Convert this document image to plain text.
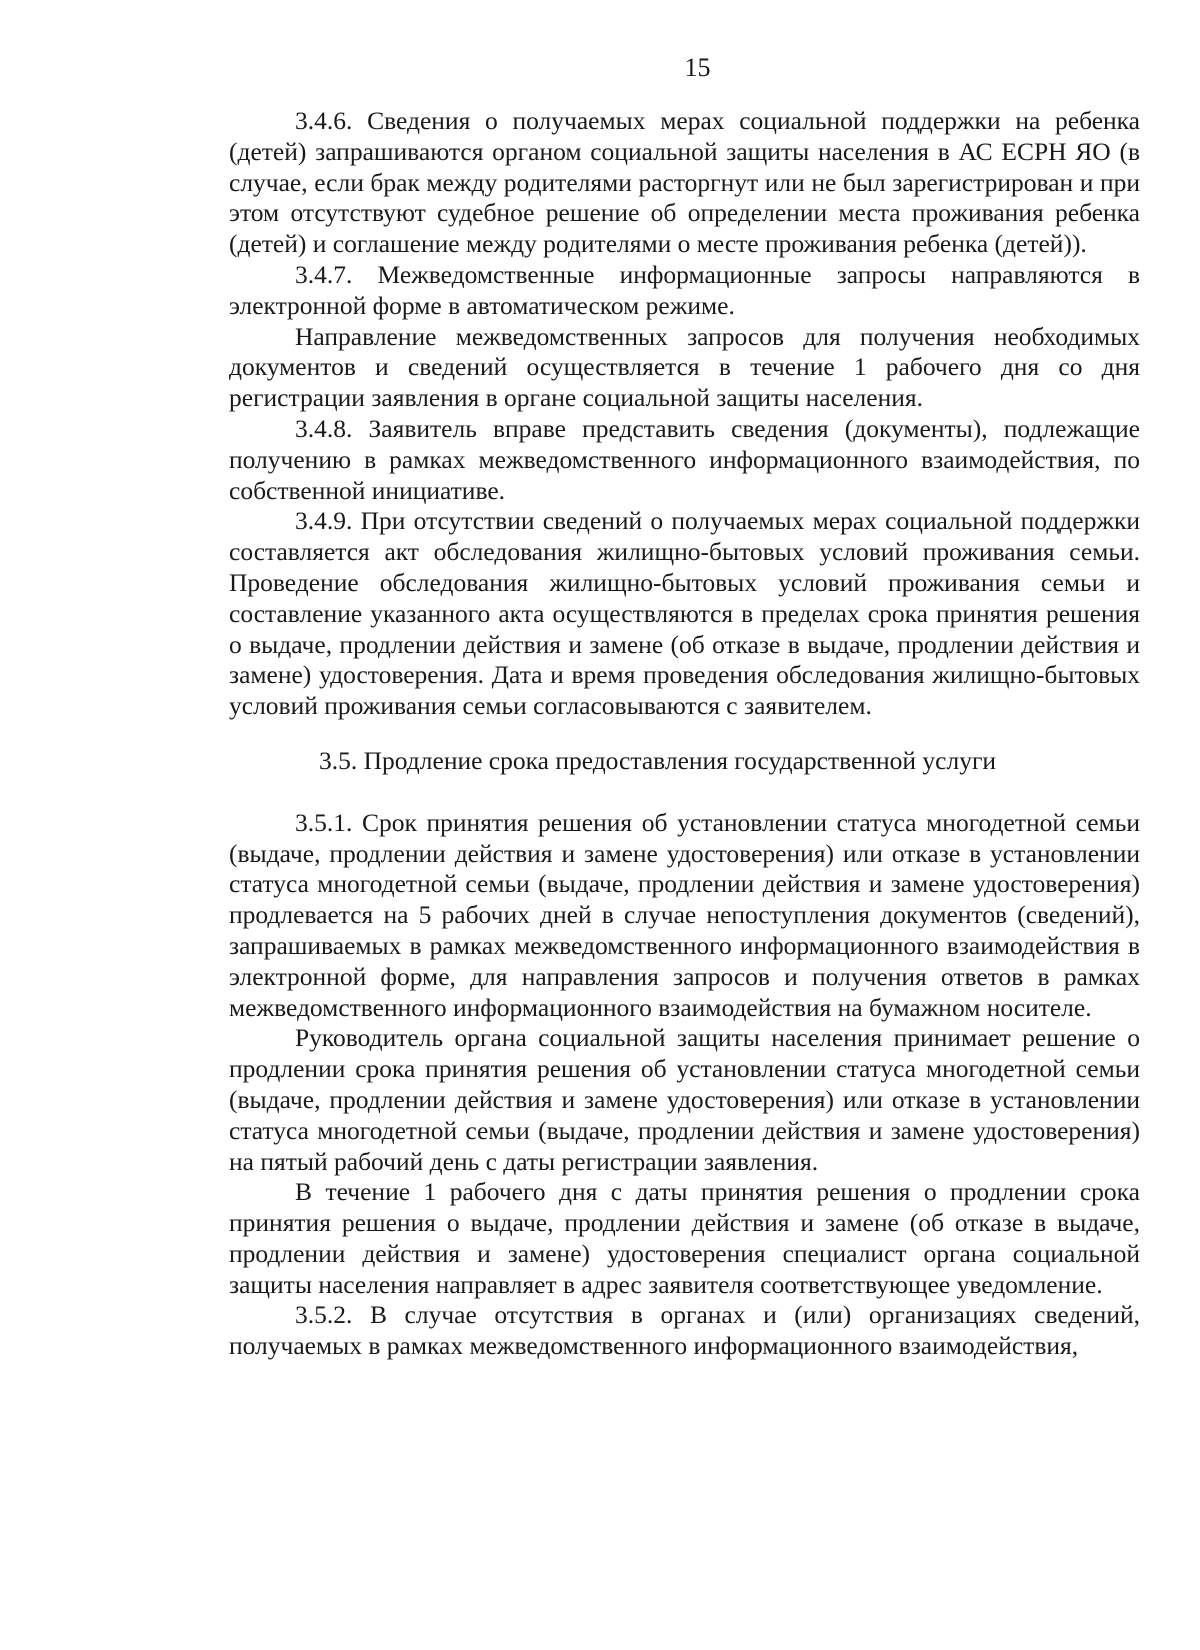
15

3.4.6. Сведения о получаемых мерах социальной поддержки на ребенка (детей) запрашиваются органом социальной защиты населения в АС ЕСРН ЯО (в случае, если брак между родителями расторгнут или не был зарегистрирован и при этом отсутствуют судебное решение об определении места проживания ребенка (детей) и соглашение между родителями о месте проживания ребенка (детей)).

3.4.7. Межведомственные информационные запросы направляются в электронной форме в автоматическом режиме.

Направление межведомственных запросов для получения необходимых документов и сведений осуществляется в течение 1 рабочего дня со дня регистрации заявления в органе социальной защиты населения.

3.4.8. Заявитель вправе представить сведения (документы), подлежащие получению в рамках межведомственного информационного взаимодействия, по собственной инициативе.

3.4.9. При отсутствии сведений о получаемых мерах социальной поддержки составляется акт обследования жилищно-бытовых условий проживания семьи. Проведение обследования жилищно-бытовых условий проживания семьи и составление указанного акта осуществляются в пределах срока принятия решения о выдаче, продлении действия и замене (об отказе в выдаче, продлении действия и замене) удостоверения. Дата и время проведения обследования жилищно-бытовых условий проживания семьи согласовываются с заявителем.

3.5. Продление срока предоставления государственной услуги

3.5.1. Срок принятия решения об установлении статуса многодетной семьи (выдаче, продлении действия и замене удостоверения) или отказе в установлении статуса многодетной семьи (выдаче, продлении действия и замене удостоверения) продлевается на 5 рабочих дней в случае непоступления документов (сведений), запрашиваемых в рамках межведомственного информационного взаимодействия в электронной форме, для направления запросов и получения ответов в рамках межведомственного информационного взаимодействия на бумажном носителе.

Руководитель органа социальной защиты населения принимает решение о продлении срока принятия решения об установлении статуса многодетной семьи (выдаче, продлении действия и замене удостоверения) или отказе в установлении статуса многодетной семьи (выдаче, продлении действия и замене удостоверения) на пятый рабочий день с даты регистрации заявления.

В течение 1 рабочего дня с даты принятия решения о продлении срока принятия решения о выдаче, продлении действия и замене (об отказе в выдаче, продлении действия и замене) удостоверения специалист органа социальной защиты населения направляет в адрес заявителя соответствующее уведомление.

3.5.2. В случае отсутствия в органах и (или) организациях сведений, получаемых в рамках межведомственного информационного взаимодействия,
